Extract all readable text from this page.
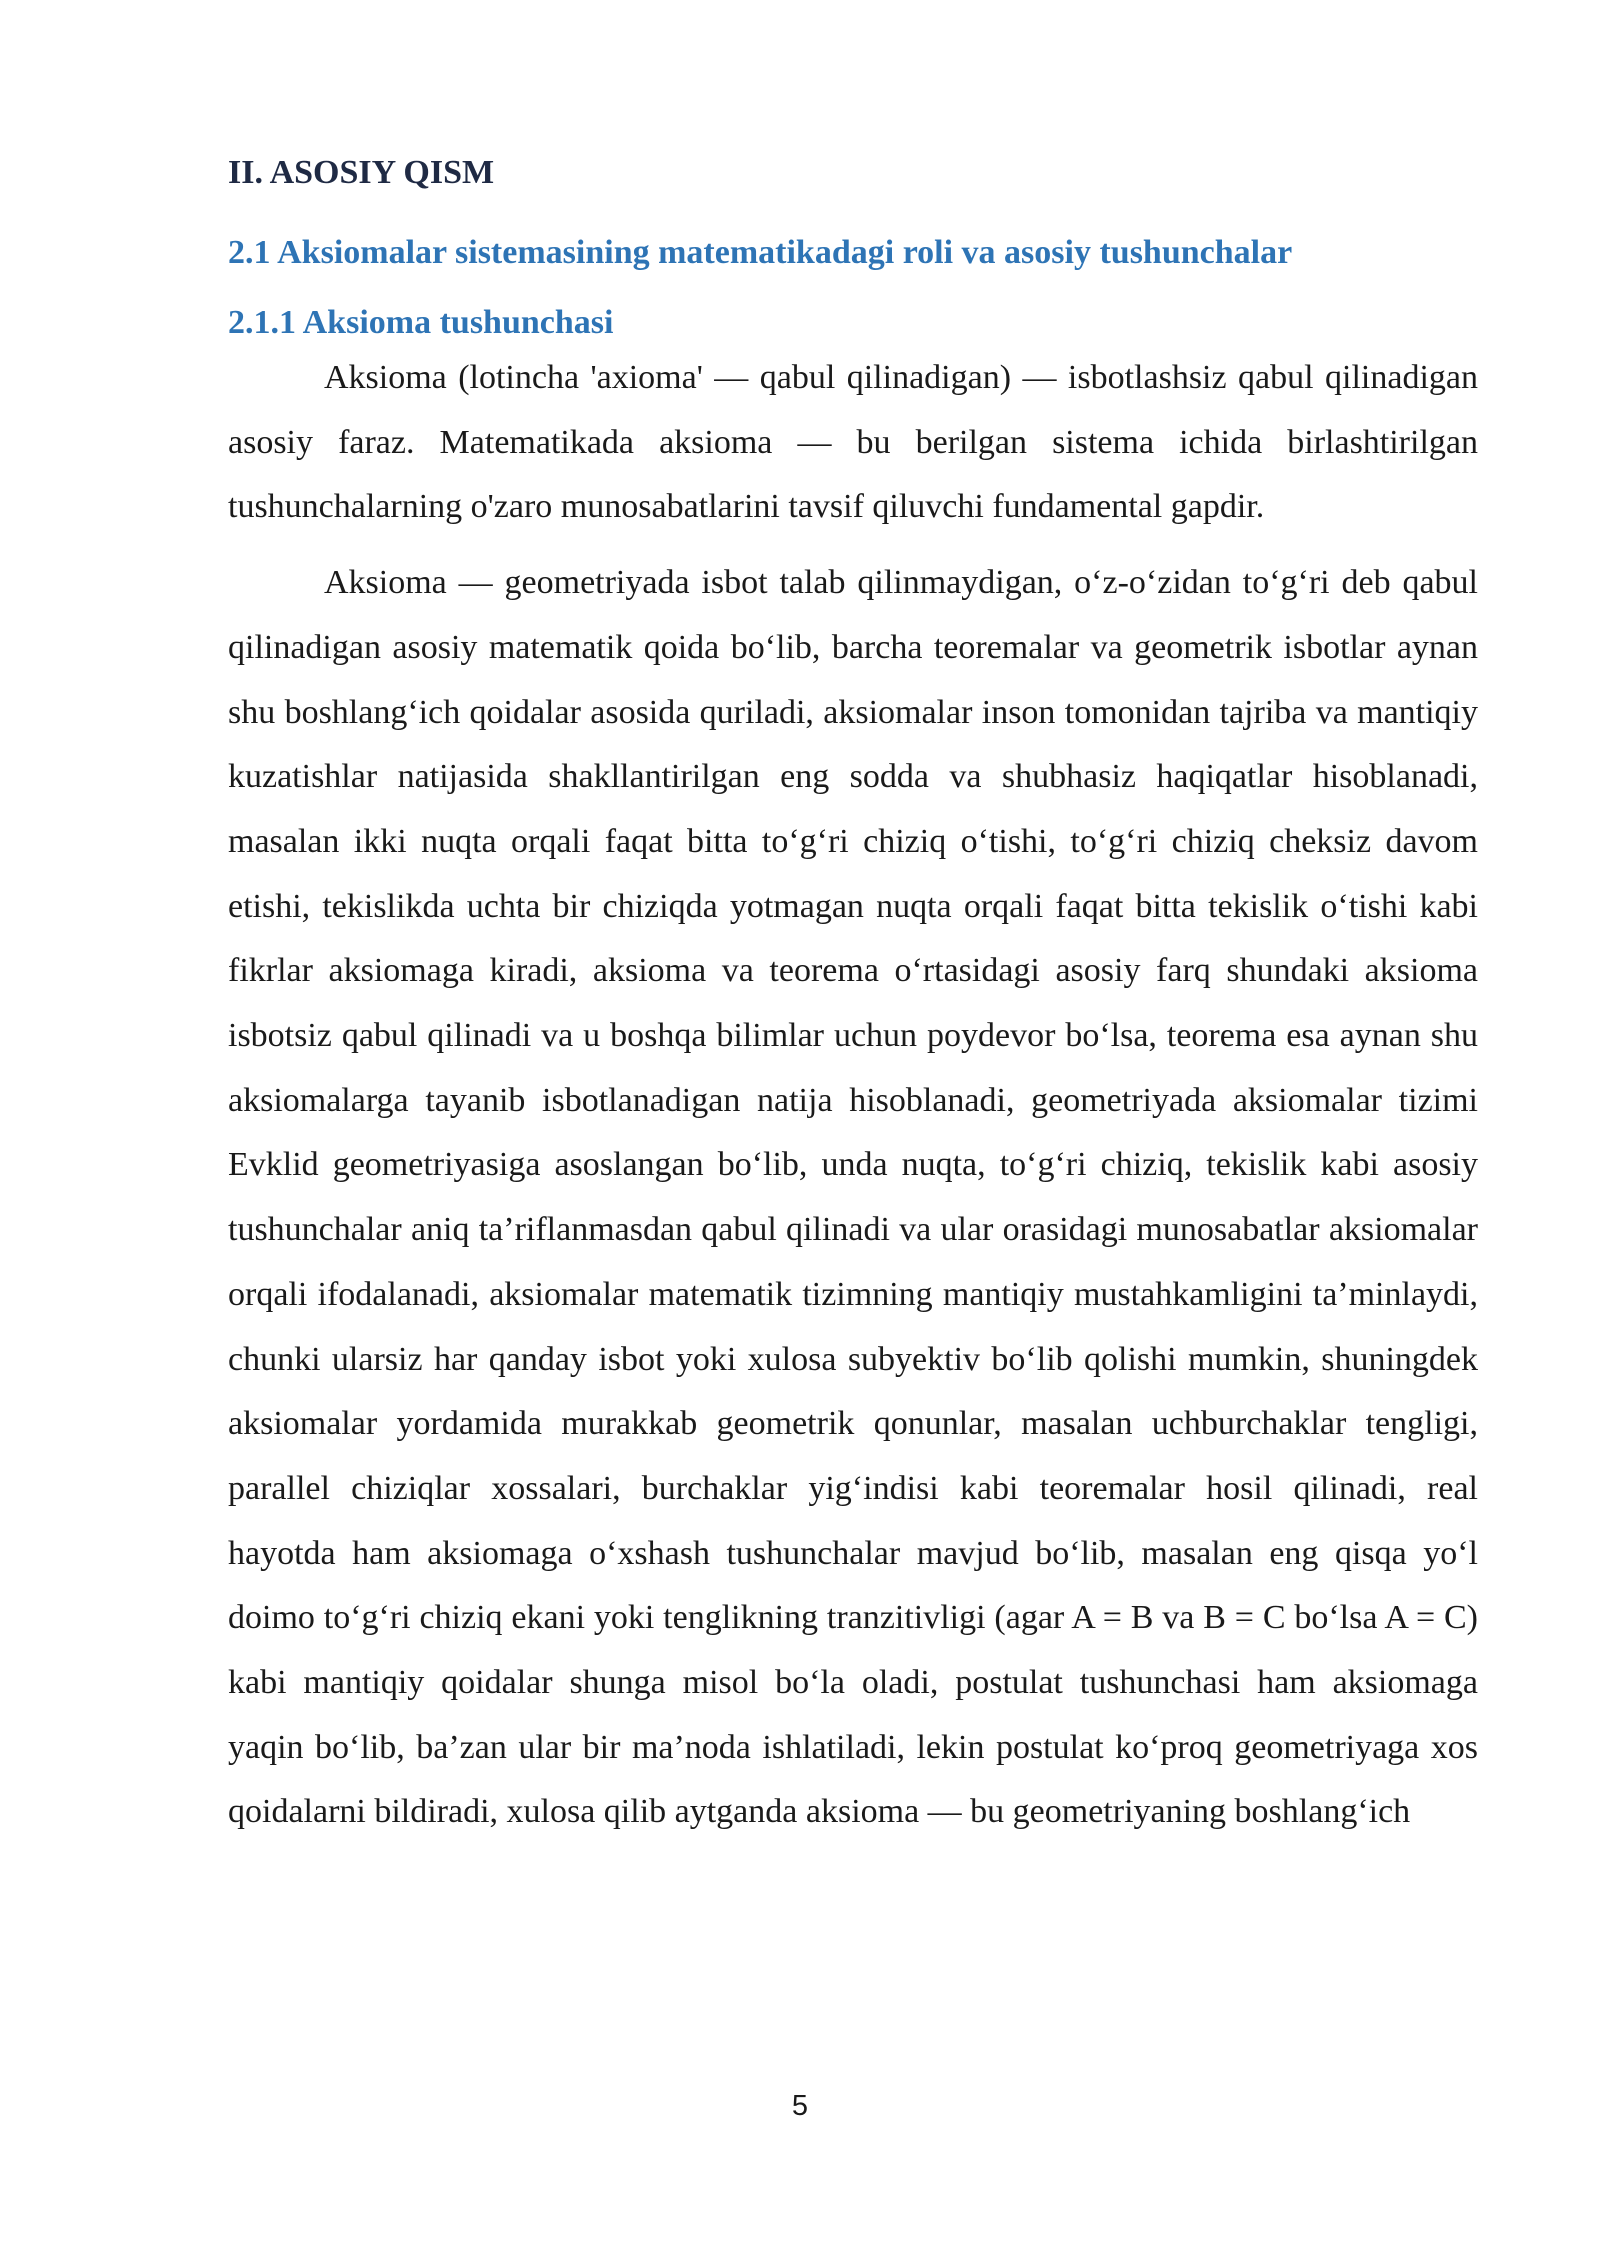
II. ASOSIY QISM
2.1 Aksiomalar sistemasining matematikadagi roli va asosiy tushunchalar
2.1.1 Aksioma tushunchasi

Aksioma (lotincha 'axioma' — qabul qilinadigan) — isbotlashsiz qabul qilinadigan asosiy faraz. Matematikada aksioma — bu berilgan sistema ichida birlashtirilgan tushunchalarning o'zaro munosabatlarini tavsif qiluvchi fundamental gapdir.

Aksioma — geometriyada isbot talab qilinmaydigan, o‘z-o‘zidan to‘g‘ri deb qabul qilinadigan asosiy matematik qoida bo‘lib, barcha teoremalar va geometrik isbotlar aynan shu boshlang‘ich qoidalar asosida quriladi, aksiomalar inson tomonidan tajriba va mantiqiy kuzatishlar natijasida shakllantirilgan eng sodda va shubhasiz haqiqatlar hisoblanadi, masalan ikki nuqta orqali faqat bitta to‘g‘ri chiziq o‘tishi, to‘g‘ri chiziq cheksiz davom etishi, tekislikda uchta bir chiziqda yotmagan nuqta orqali faqat bitta tekislik o‘tishi kabi fikrlar aksiomaga kiradi, aksioma va teorema o‘rtasidagi asosiy farq shundaki aksioma isbotsiz qabul qilinadi va u boshqa bilimlar uchun poydevor bo‘lsa, teorema esa aynan shu aksiomalarga tayanib isbotlanadigan natija hisoblanadi, geometriyada aksiomalar tizimi Evklid geometriyasiga asoslangan bo‘lib, unda nuqta, to‘g‘ri chiziq, tekislik kabi asosiy tushunchalar aniq ta’riflanmasdan qabul qilinadi va ular orasidagi munosabatlar aksiomalar orqali ifodalanadi, aksiomalar matematik tizimning mantiqiy mustahkamligini ta’minlaydi, chunki ularsiz har qanday isbot yoki xulosa subyektiv bo‘lib qolishi mumkin, shuningdek aksiomalar yordamida murakkab geometrik qonunlar, masalan uchburchaklar tengligi, parallel chiziqlar xossalari, burchaklar yig‘indisi kabi teoremalar hosil qilinadi, real hayotda ham aksiomaga o‘xshash tushunchalar mavjud bo‘lib, masalan eng qisqa yo‘l doimo to‘g‘ri chiziq ekani yoki tenglikning tranzitivligi (agar A = B va B = C bo‘lsa A = C) kabi mantiqiy qoidalar shunga misol bo‘la oladi, postulat tushunchasi ham aksiomaga yaqin bo‘lib, ba’zan ular bir ma’noda ishlatiladi, lekin postulat ko‘proq geometriyaga xos qoidalarni bildiradi, xulosa qilib aytganda aksioma — bu geometriyaning boshlang‘ich

5
